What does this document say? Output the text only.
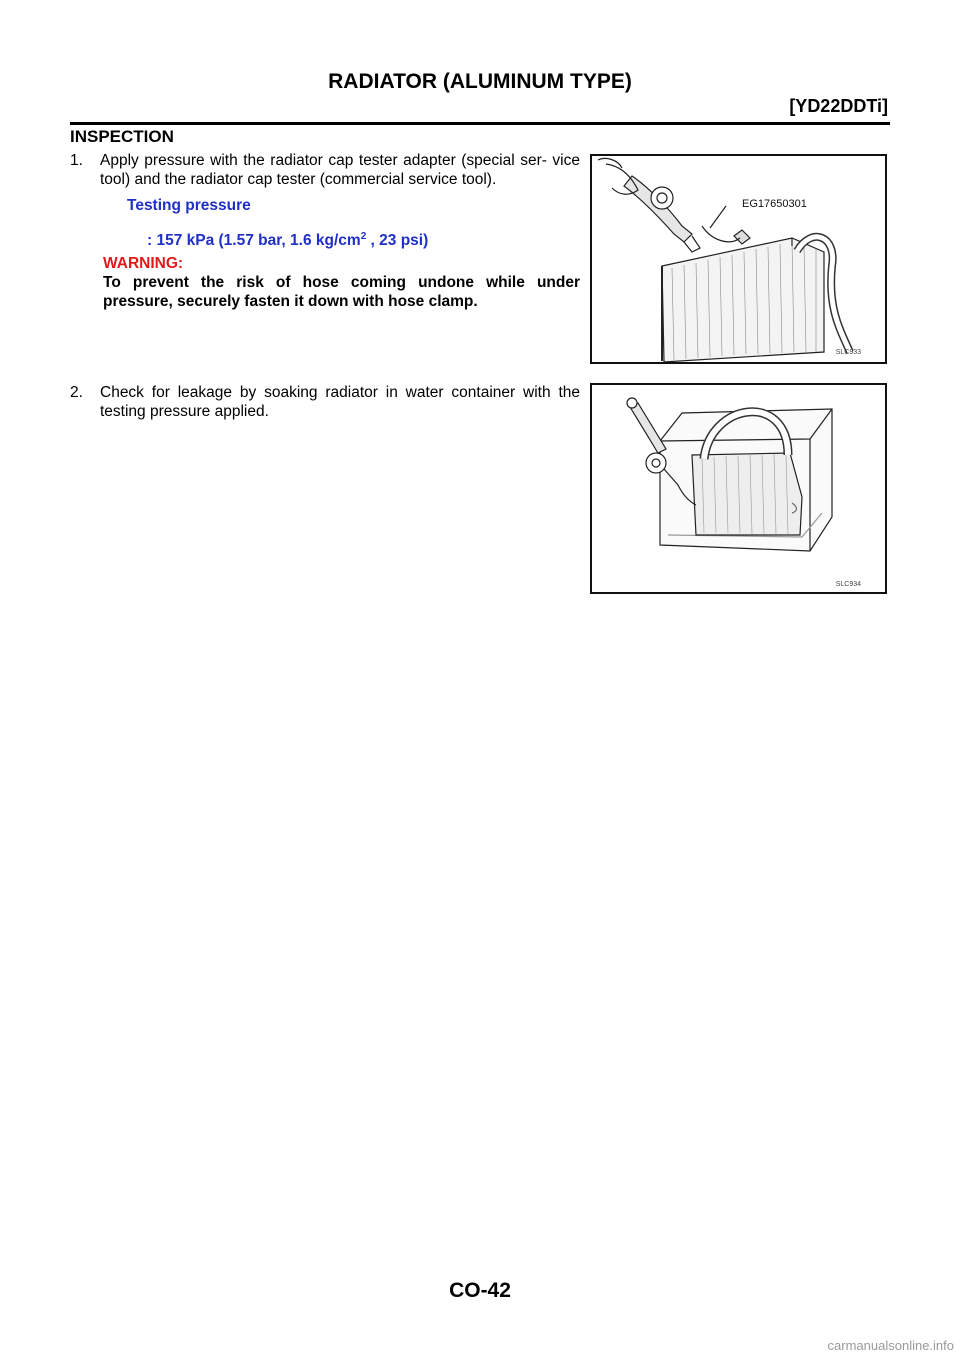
RADIATOR (ALUMINUM TYPE)
[YD22DDTi]
INSPECTION
1. Apply pressure with the radiator cap tester adapter (special ser- vice tool) and the radiator cap tester (commercial service tool).
Testing pressure
: 157 kPa (1.57 bar, 1.6 $kg/cm^2$ , 23 psi)
WARNING:
To prevent the risk of hose coming undone while under pressure, securely fasten it down with hose clamp.
2. Check for leakage by soaking radiator in water container with the testing pressure applied.
EG17650301
SLC933
SLC934
CO-42
carmanualsonline.info
